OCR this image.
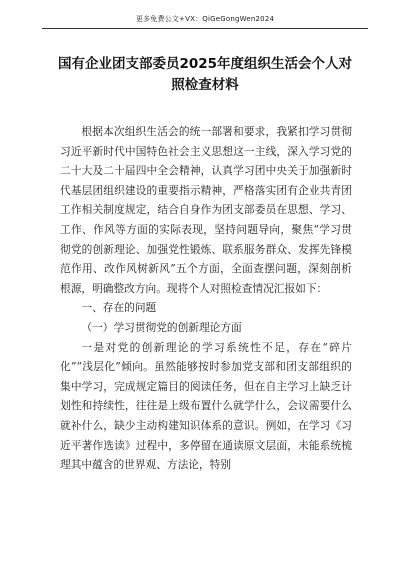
更多免费公文+VX：QiGeGongWen2024
国有企业团支部委员2025年度组织生活会个人对照检查材料

根据本次组织生活会的统一部署和要求，我紧扣学习贯彻习近平新时代中国特色社会主义思想这一主线，深入学习党的二十大及二十届四中全会精神，认真学习团中央关于加强新时代基层团组织建设的重要指示精神，严格落实团有企业共青团工作相关制度规定，结合自身作为团支部委员在思想、学习、工作、作风等方面的实际表现，坚持问题导向，聚焦“学习贯彻党的创新理论、加强党性锻炼、联系服务群众、发挥先锋模范作用、改作风树新风”五个方面，全面查摆问题，深刻剖析根源，明确整改方向。现将个人对照检查情况汇报如下：

一、存在的问题

（一）学习贯彻党的创新理论方面

一是对党的创新理论的学习系统性不足，存在“碎片化”“浅层化”倾向。虽然能够按时参加党支部和团支部组织的集中学习，完成规定篇目的阅读任务，但在自主学习上缺乏计划性和持续性，往往是上级布置什么就学什么，会议需要什么就补什么，缺少主动构建知识体系的意识。例如，在学习《习近平著作选读》过程中，多停留在通读原文层面，未能系统梳理其中蕴含的世界观、方法论，特别
